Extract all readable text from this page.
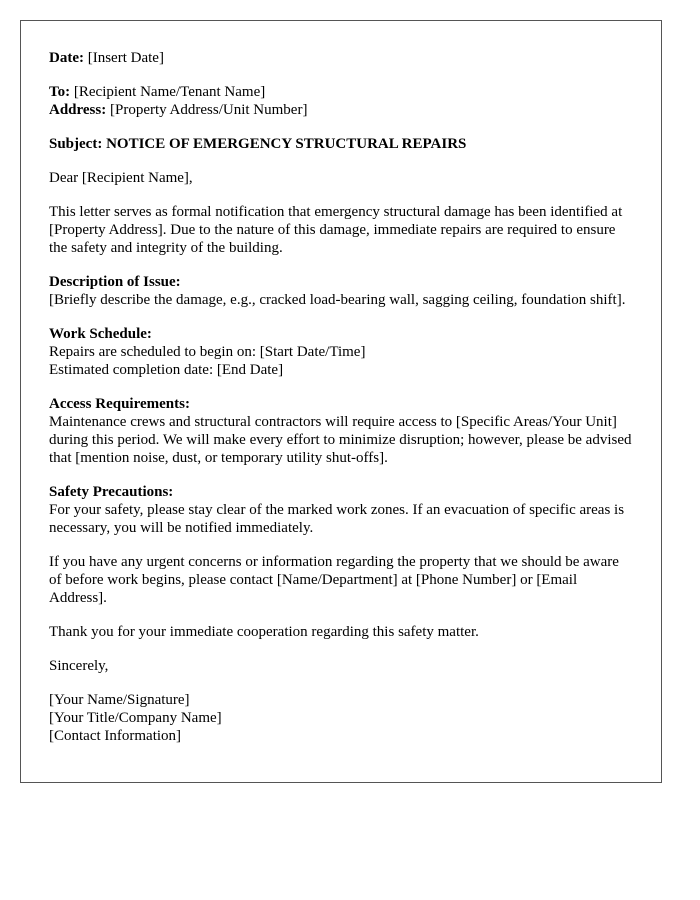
Date: [Insert Date]

To: [Recipient Name/Tenant Name]
Address: [Property Address/Unit Number]

Subject: NOTICE OF EMERGENCY STRUCTURAL REPAIRS

Dear [Recipient Name],

This letter serves as formal notification that emergency structural damage has been identified at [Property Address]. Due to the nature of this damage, immediate repairs are required to ensure the safety and integrity of the building.

Description of Issue:
[Briefly describe the damage, e.g., cracked load-bearing wall, sagging ceiling, foundation shift].

Work Schedule:
Repairs are scheduled to begin on: [Start Date/Time]
Estimated completion date: [End Date]

Access Requirements:
Maintenance crews and structural contractors will require access to [Specific Areas/Your Unit] during this period. We will make every effort to minimize disruption; however, please be advised that [mention noise, dust, or temporary utility shut-offs].

Safety Precautions:
For your safety, please stay clear of the marked work zones. If an evacuation of specific areas is necessary, you will be notified immediately.

If you have any urgent concerns or information regarding the property that we should be aware of before work begins, please contact [Name/Department] at [Phone Number] or [Email Address].

Thank you for your immediate cooperation regarding this safety matter.

Sincerely,

[Your Name/Signature]
[Your Title/Company Name]
[Contact Information]
